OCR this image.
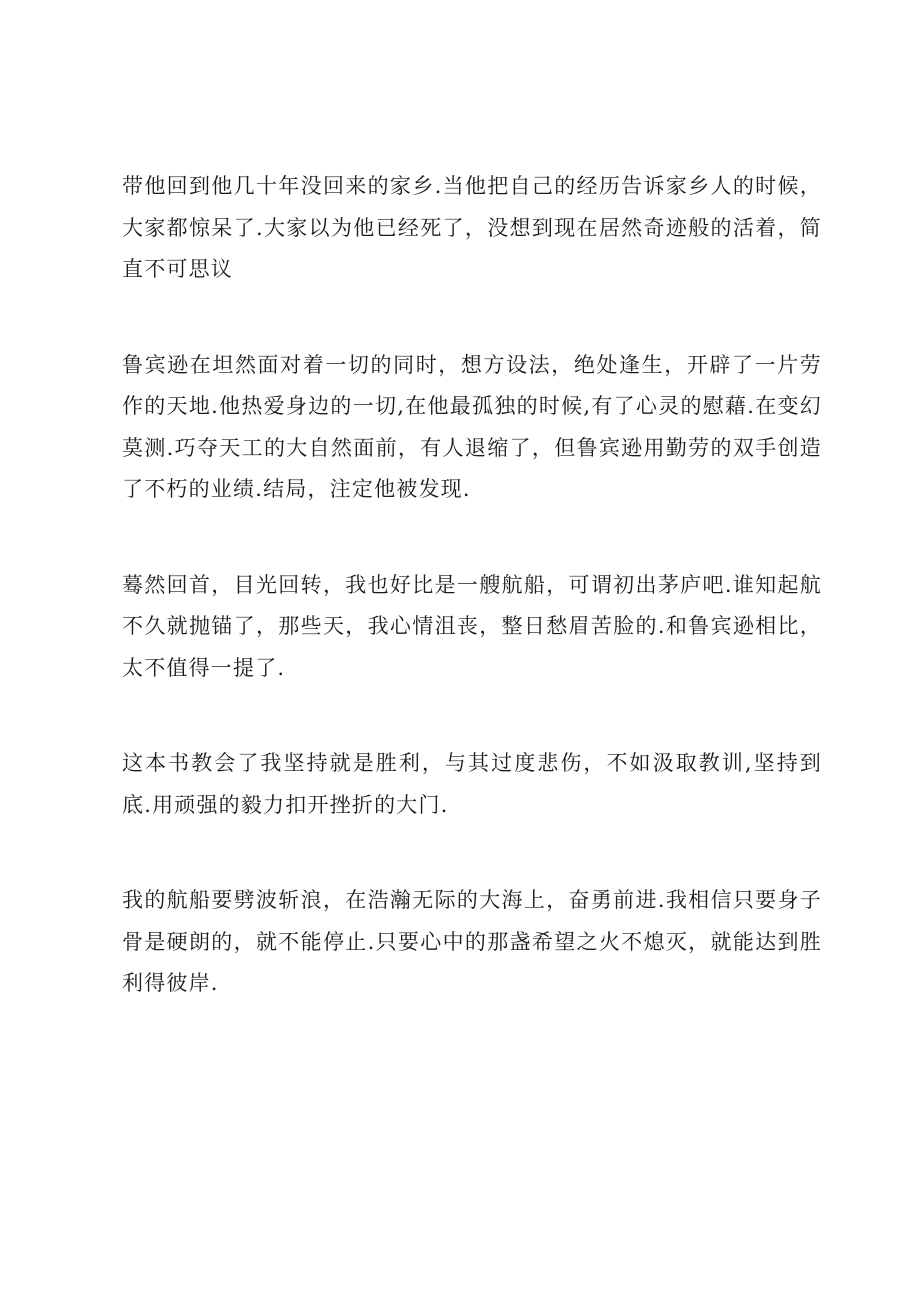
带他回到他几十年没回来的家乡.当他把自己的经历告诉家乡人的时候，大家都惊呆了.大家以为他已经死了，没想到现在居然奇迹般的活着，简直不可思议

鲁宾逊在坦然面对着一切的同时，想方设法，绝处逢生，开辟了一片劳作的天地.他热爱身边的一切,在他最孤独的时候,有了心灵的慰藉.在变幻莫测.巧夺天工的大自然面前，有人退缩了，但鲁宾逊用勤劳的双手创造了不朽的业绩.结局，注定他被发现.

蓦然回首，目光回转，我也好比是一艘航船，可谓初出茅庐吧.谁知起航不久就抛锚了，那些天，我心情沮丧，整日愁眉苦脸的.和鲁宾逊相比，太不值得一提了.

这本书教会了我坚持就是胜利，与其过度悲伤，不如汲取教训,坚持到底.用顽强的毅力扣开挫折的大门.

我的航船要劈波斩浪，在浩瀚无际的大海上，奋勇前进.我相信只要身子骨是硬朗的，就不能停止.只要心中的那盏希望之火不熄灭，就能达到胜利得彼岸.
